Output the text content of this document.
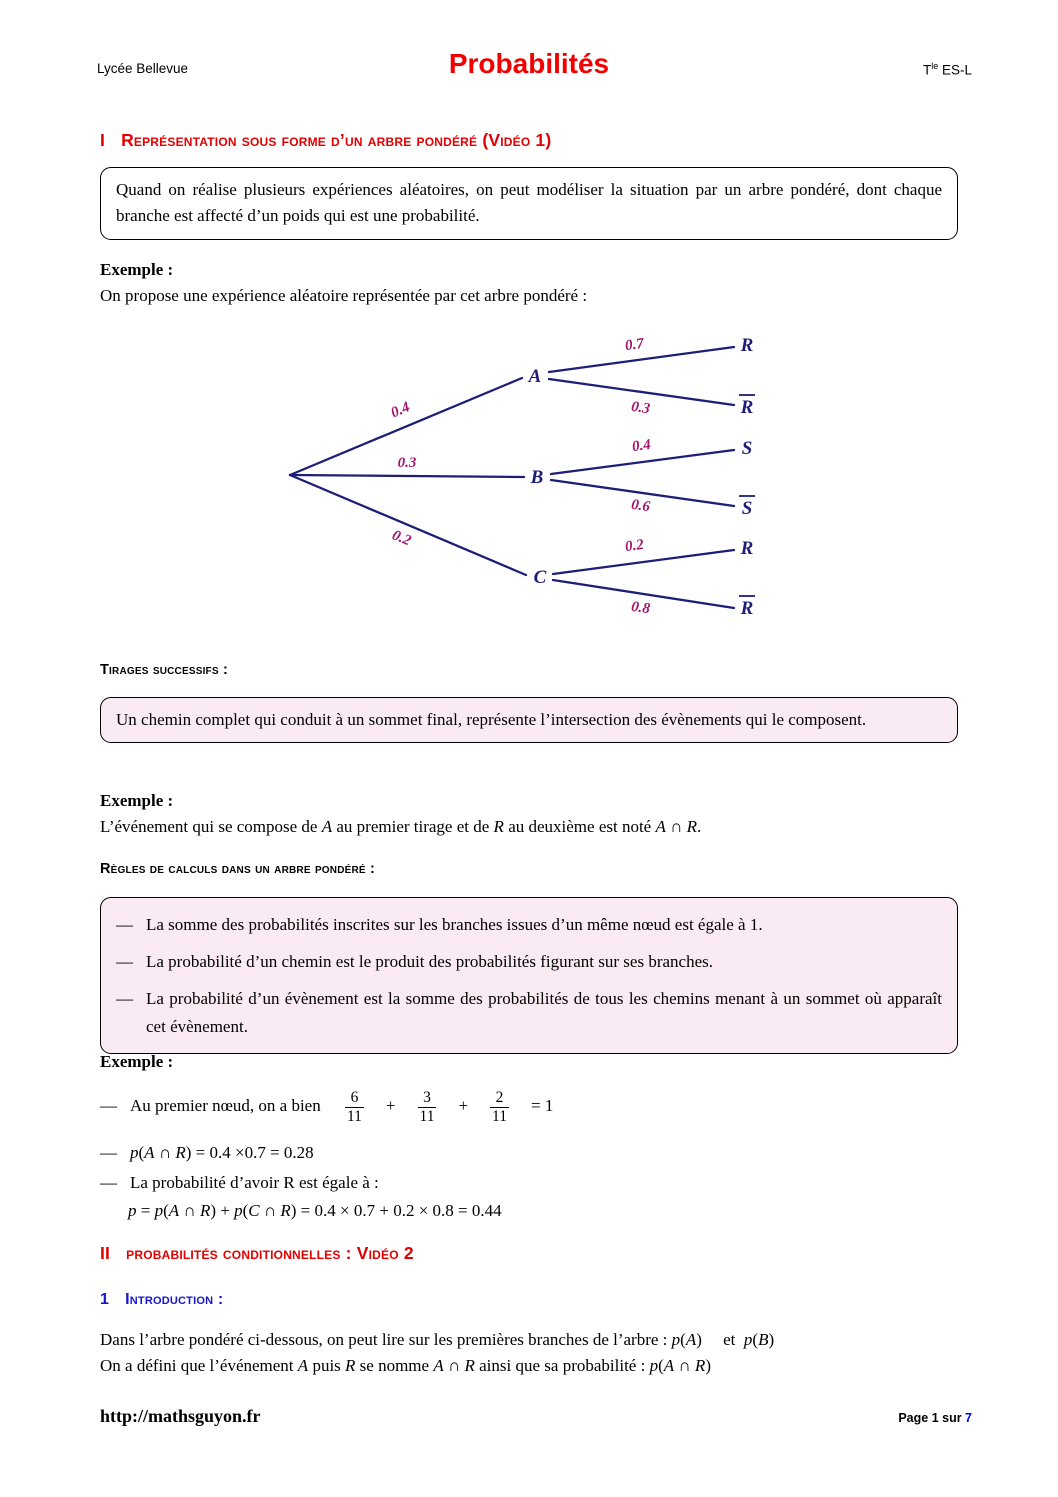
Lycée Bellevue	Probabilités	$T^{le}$ ES-L
I Représentation sous forme d’un arbre pondéré (Vidéo 1)
Quand on réalise plusieurs expériences aléatoires, on peut modéliser la situation par un arbre pondéré, dont chaque branche est affecté d’un poids qui est une probabilité.
Exemple :
On propose une expérience aléatoire représentée par cet arbre pondéré :
0.4
0.3
0.2
0.7
0.3
0.4
0.6
0.2
0.8
A
B
C
R
R
S
S
R
R
Tirages successifs :
Un chemin complet qui conduit à un sommet final, représente l’intersection des évènements qui le composent.
Exemple :
L’événement qui se compose de A au premier tirage et de R au deuxième est noté A ∩ R.
Règles de calculs dans un arbre pondéré :
— La somme des probabilités inscrites sur les branches issues d’un même nœud est égale à 1.
— La probabilité d’un chemin est le produit des probabilités figurant sur ses branches.
— La probabilité d’un évènement est la somme des probabilités de tous les chemins menant à un sommet où apparaît cet évènement.
Exemple :
— Au premier nœud, on a bien $\frac{6}{11} + \frac{3}{11} + \frac{2}{11} = 1$
— p(A ∩ R) = 0.4 ×0.7 = 0.28
— La probabilité d’avoir R est égale à :
p = p(A ∩ R) + p(C ∩ R) = 0.4 × 0.7 + 0.2 × 0.8 = 0.44
II probabilités conditionnelles : Vidéo 2
1 Introduction :
Dans l’arbre pondéré ci-dessous, on peut lire sur les premières branches de l’arbre : p(A)     et  p(B)
On a défini que l’événement A puis R se nomme A ∩ R ainsi que sa probabilité : p(A ∩ R)
http://mathsguyon.fr	Page 1 sur 7
